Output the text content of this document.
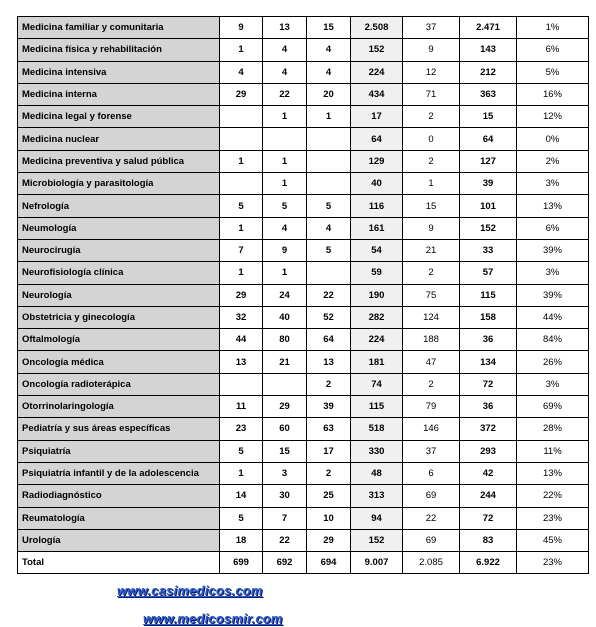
Medicina familiar y comunitaria	9	13	15	2.508	37	2.471	1%
Medicina física y rehabilitación	1	4	4	152	9	143	6%
Medicina intensiva	4	4	4	224	12	212	5%
Medicina interna	29	22	20	434	71	363	16%
Medicina legal y forense		1	1	17	2	15	12%
Medicina nuclear				64	0	64	0%
Medicina preventiva y salud pública	1	1		129	2	127	2%
Microbiología y parasitología		1		40	1	39	3%
Nefrología	5	5	5	116	15	101	13%
Neumología	1	4	4	161	9	152	6%
Neurocirugía	7	9	5	54	21	33	39%
Neurofisiología clínica	1	1		59	2	57	3%
Neurología	29	24	22	190	75	115	39%
Obstetricia y ginecología	32	40	52	282	124	158	44%
Oftalmología	44	80	64	224	188	36	84%
Oncología médica	13	21	13	181	47	134	26%
Oncología radioterápica			2	74	2	72	3%
Otorrinolaringología	11	29	39	115	79	36	69%
Pediatría y sus áreas específicas	23	60	63	518	146	372	28%
Psiquiatría	5	15	17	330	37	293	11%
Psiquiatría infantil y de la adolescencia	1	3	2	48	6	42	13%
Radiodiagnóstico	14	30	25	313	69	244	22%
Reumatología	5	7	10	94	22	72	23%
Urología	18	22	29	152	69	83	45%
Total	699	692	694	9.007	2.085	6.922	23%
www.casimedicos.com
www.medicosmir.com
